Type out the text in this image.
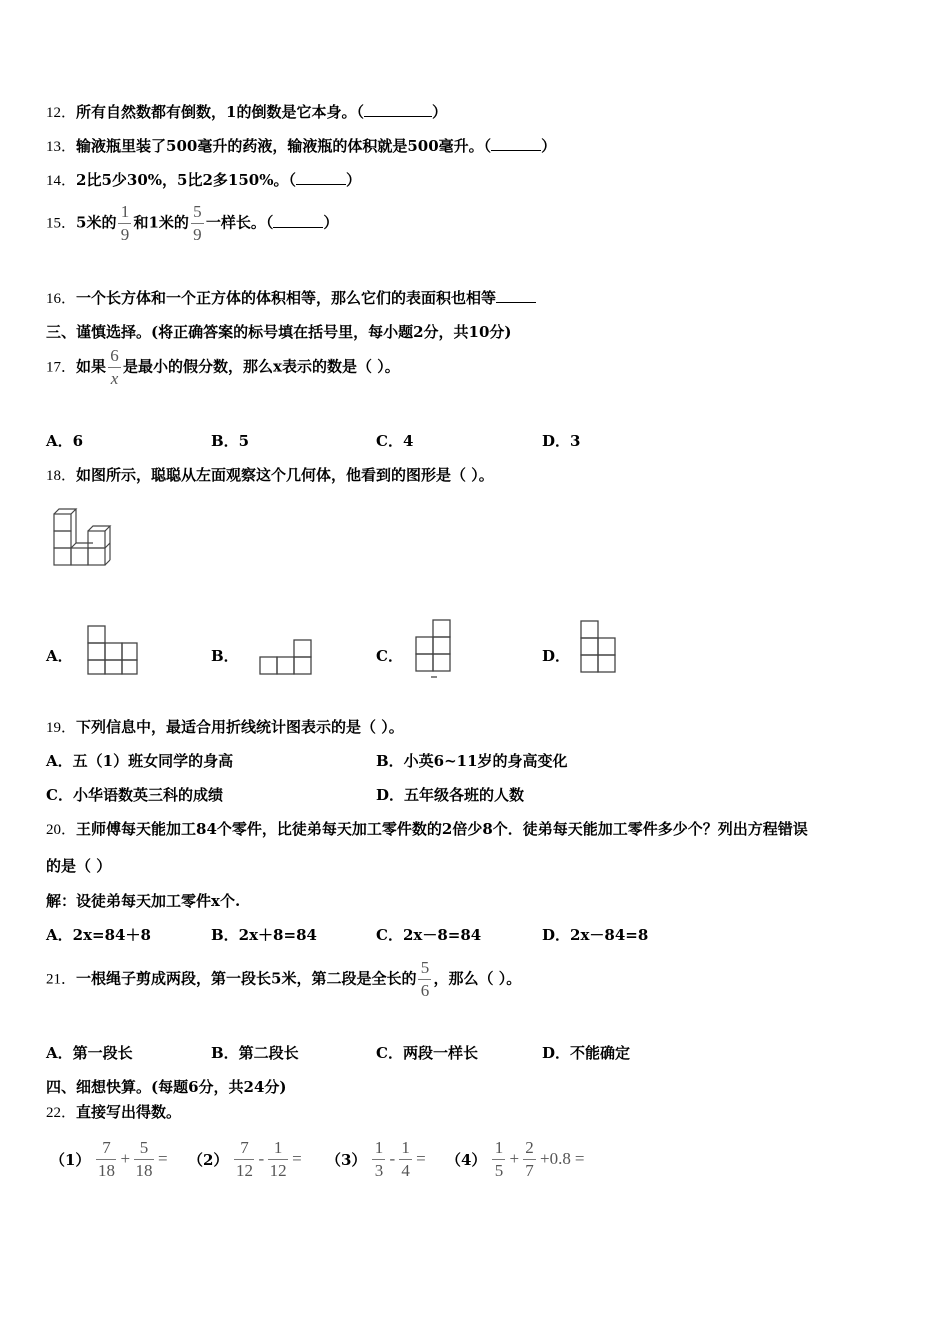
12．所有自然数都有倒数，1的倒数是它本身。（	）
13．输液瓶里装了500毫升的药液，输液瓶的体积就是500毫升。（	）
14．2比5少30%，5比2多150%。（	）
15．5米的 $\frac{1}{9}$ 和1米的 $\frac{5}{9}$ 一样长。（	）
16．一个长方体和一个正方体的体积相等，那么它们的表面积也相等
三、谨慎选择。(将正确答案的标号填在括号里，每小题2分，共10分)
17．如果 $\frac{6}{x}$ 是最小的假分数，那么x表示的数是（ ）。
A．6	B．5	C．4	D．3
18．如图所示，聪聪从左面观察这个几何体，他看到的图形是（ ）。
A．	B．	C．	D．
19．下列信息中，最适合用折线统计图表示的是（ ）。
A．五（1）班女同学的身高	B．小英6~11岁的身高变化
C．小华语数英三科的成绩	D．五年级各班的人数
20．王师傅每天能加工84个零件，比徒弟每天加工零件数的2倍少8个．徒弟每天能加工零件多少个？列出方程错误
的是（ ）
解：设徒弟每天加工零件x个.
A．2x=84＋8	B．2x＋8=84	C．2x－8=84	D．2x－84=8
21．一根绳子剪成两段，第一段长5米，第二段是全长的 $\frac{5}{6}$ ，那么（ ）。
A．第一段长	B．第二段长	C．两段一样长	D．不能确定
四、细想快算。(每题6分，共24分)
22．直接写出得数。
$(1) \frac{7}{18} + \frac{5}{18} = (2) \frac{7}{12} - \frac{1}{12} = (3) \frac{1}{3} - \frac{1}{4} = (4) \frac{1}{5} + \frac{2}{7} +0.8$ =
